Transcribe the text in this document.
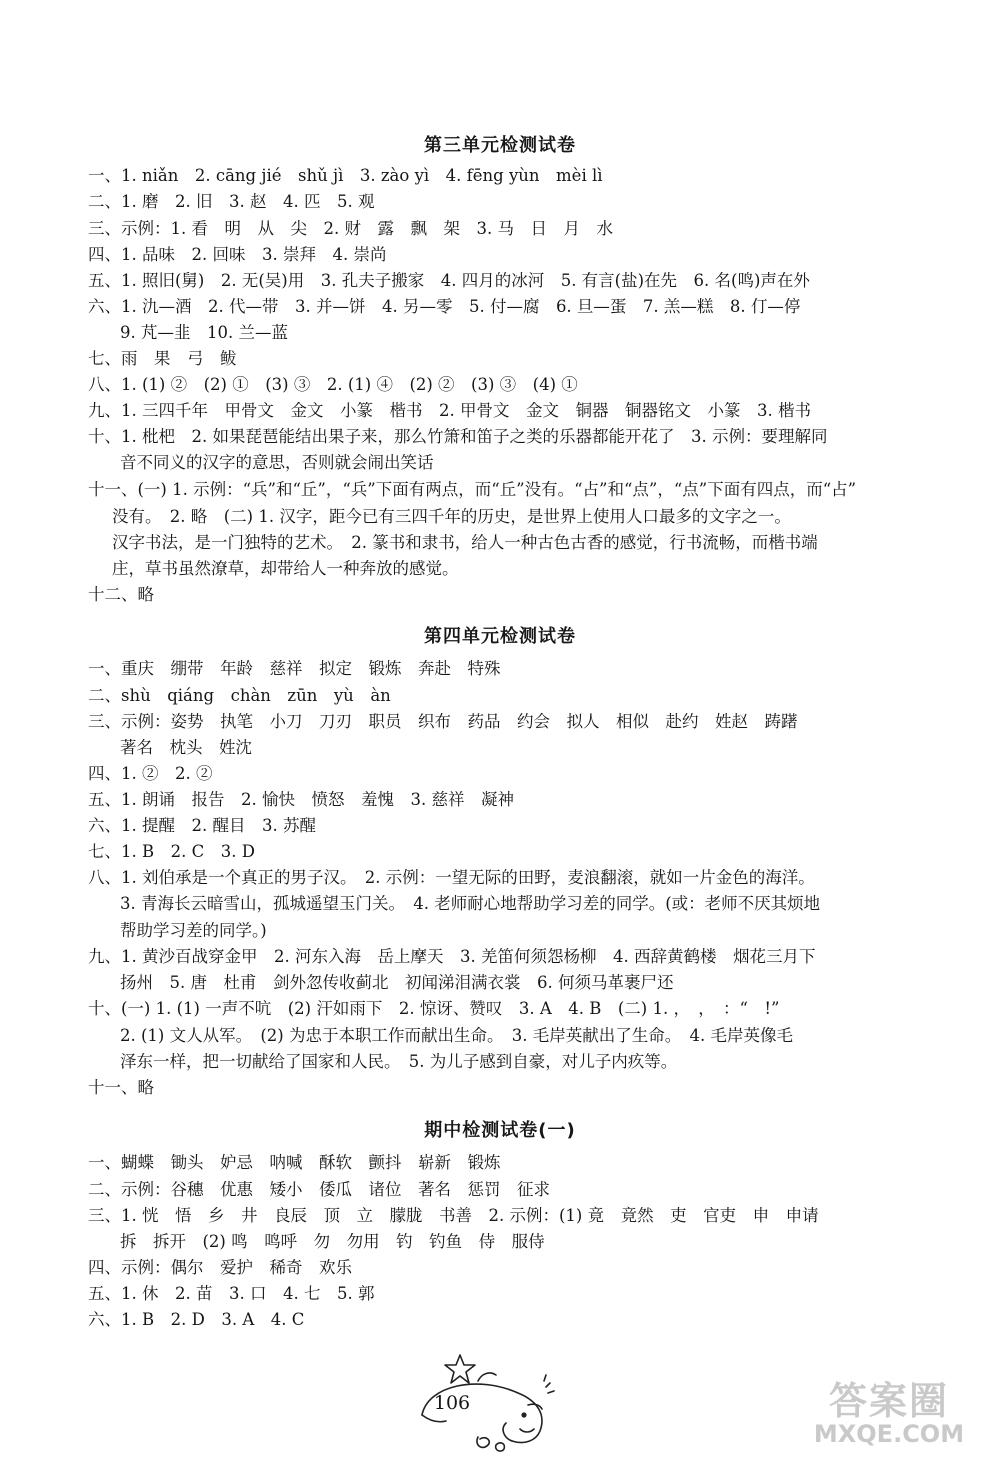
第三单元检测试卷
一、1. niǎn　2. cāng jié　shǔ jì　3. zào yì　4. fēng yùn　mèi lì
二、1. 磨　2. 旧　3. 赵　4. 匹　5. 观
三、示例：1. 看　明　从　尖　2. 财　露　飘　架　3. 马　日　月　水
四、1. 品味　2. 回味　3. 崇拜　4. 崇尚
五、1. 照旧(舅)　2. 无(吴)用　3. 孔夫子搬家　4. 四月的冰河　5. 有言(盐)在先　6. 名(鸣)声在外
六、1. 氿—酒　2. 代—带　3. 并—饼　4. 另—零　5. 付—腐　6. 旦—蛋　7. 羔—糕　8. 仃—停
9. 芃—韭　10. 兰—蓝
七、雨　果　弓　鲅
八、1. (1) ②　(2) ①　(3) ③　2. (1) ④　(2) ②　(3) ③　(4) ①
九、1. 三四千年　甲骨文　金文　小篆　楷书　2. 甲骨文　金文　铜器　铜器铭文　小篆　3. 楷书
十、1. 枇杷　2. 如果琵琶能结出果子来，那么竹箫和笛子之类的乐器都能开花了　3. 示例：要理解同
音不同义的汉字的意思，否则就会闹出笑话
十一、(一) 1. 示例：“兵”和“丘”，“兵”下面有两点，而“丘”没有。“占”和“点”，“点”下面有四点，而“占”
没有。　2. 略　(二) 1. 汉字，距今已有三四千年的历史，是世界上使用人口最多的文字之一。
汉字书法，是一门独特的艺术。　2. 篆书和隶书，给人一种古色古香的感觉，行书流畅，而楷书端
庄，草书虽然潦草，却带给人一种奔放的感觉。
十二、略
第四单元检测试卷
一、重庆　绷带　年龄　慈祥　拟定　锻炼　奔赴　特殊
二、shù　qiáng　chàn　zūn　yù　àn
三、示例：姿势　执笔　小刀　刀刃　职员　织布　药品　约会　拟人　相似　赴约　姓赵　踌躇
著名　枕头　姓沈
四、1. ②　2. ②
五、1. 朗诵　报告　2. 愉快　愤怒　羞愧　3. 慈祥　凝神
六、1. 提醒　2. 醒目　3. 苏醒
七、1. B　2. C　3. D
八、1. 刘伯承是一个真正的男子汉。　2. 示例：一望无际的田野，麦浪翻滚，就如一片金色的海洋。
3. 青海长云暗雪山，孤城遥望玉门关。　4. 老师耐心地帮助学习差的同学。(或：老师不厌其烦地
帮助学习差的同学。)
九、1. 黄沙百战穿金甲　2. 河东入海　岳上摩天　3. 羌笛何须怨杨柳　4. 西辞黄鹤楼　烟花三月下
扬州　5. 唐　杜甫　剑外忽传收蓟北　初闻涕泪满衣裳　6. 何须马革裹尸还
十、(一) 1. (1) 一声不吭　(2) 汗如雨下　2. 惊讶、赞叹　3. A　4. B　(二) 1. ，　，　：“　!”
2. (1) 文人从军。　(2) 为忠于本职工作而献出生命。　3. 毛岸英献出了生命。　4. 毛岸英像毛
泽东一样，把一切献给了国家和人民。　5. 为儿子感到自豪，对儿子内疚等。
十一、略
期中检测试卷(一)
一、蝴蝶　锄头　妒忌　呐喊　酥软　颤抖　崭新　锻炼
二、示例：谷穗　优惠　矮小　倭瓜　诸位　著名　惩罚　征求
三、1. 恍　悟　乡　井　良辰　顶　立　朦胧　书善　2. 示例：(1) 竟　竟然　吏　官吏　申　申请
拆　拆开　(2) 鸣　鸣呼　勿　勿用　钓　钓鱼　侍　服侍
四、示例：偶尔　爱护　稀奇　欢乐
五、1. 休　2. 苗　3. 口　4. 七　5. 郭
六、1. B　2. D　3. A　4. C
106	答案圈
MXQE.COM
